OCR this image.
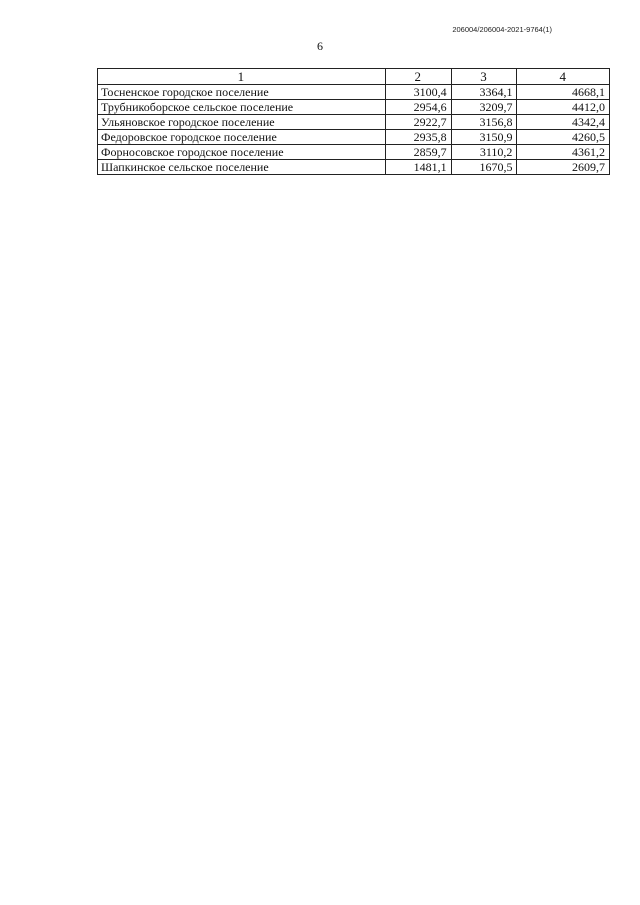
206004/206004-2021-9764(1)
6
1	2	3	4
Тосненское городское поселение	3100,4	3364,1	4668,1
Трубникоборское сельское поселение	2954,6	3209,7	4412,0
Ульяновское городское поселение	2922,7	3156,8	4342,4
Федоровское городское поселение	2935,8	3150,9	4260,5
Форносовское городское поселение	2859,7	3110,2	4361,2
Шапкинское сельское поселение	1481,1	1670,5	2609,7
